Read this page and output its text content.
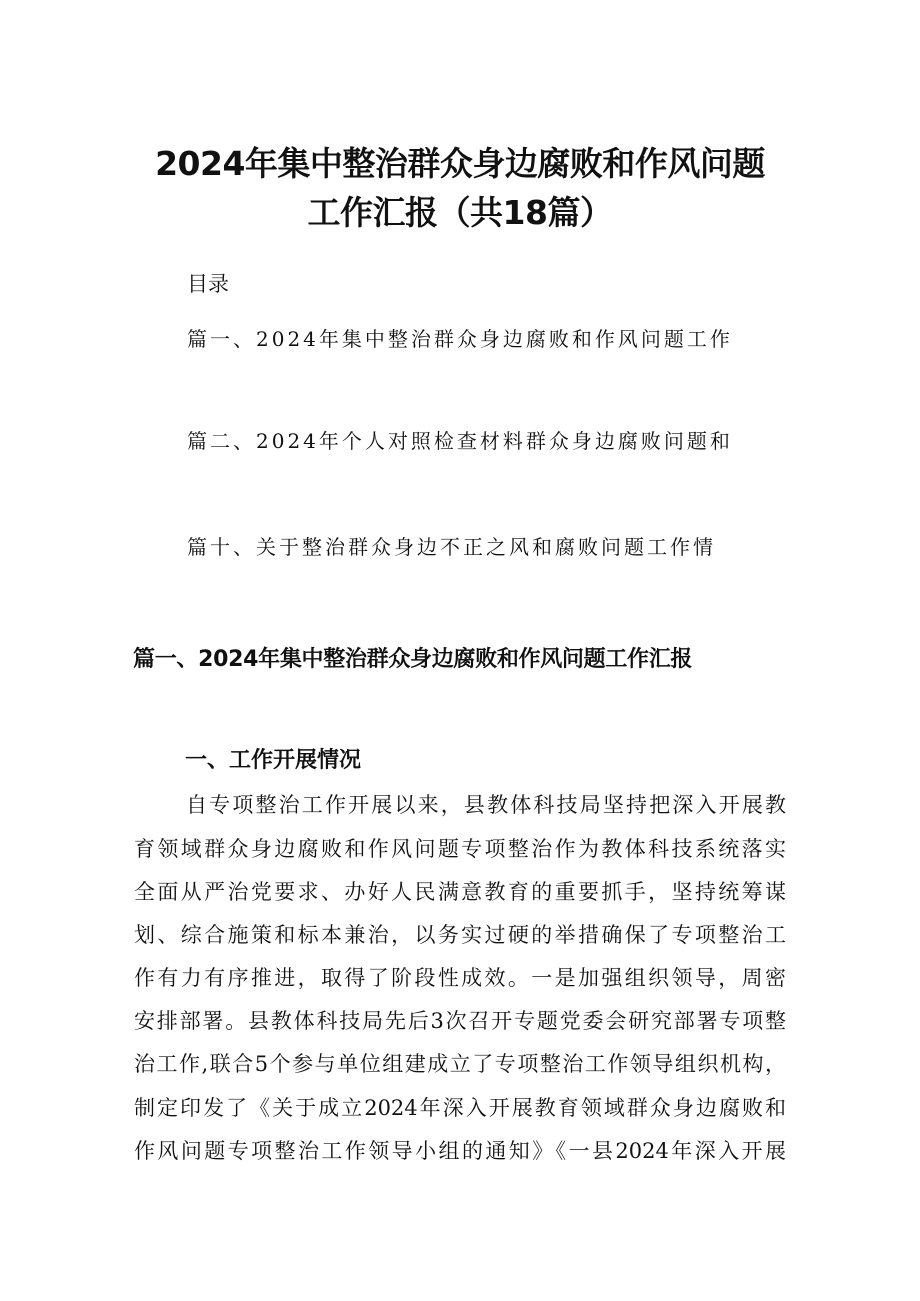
2024年集中整治群众身边腐败和作风问题
工作汇报（共18篇）

目录

篇一、2024年集中整治群众身边腐败和作风问题工作

篇二、2024年个人对照检查材料群众身边腐败问题和

篇十、关于整治群众身边不正之风和腐败问题工作情

篇一、2024年集中整治群众身边腐败和作风问题工作汇报
一、工作开展情况

自专项整治工作开展以来，县教体科技局坚持把深入开展教

育领域群众身边腐败和作风问题专项整治作为教体科技系统落实

全面从严治党要求、办好人民满意教育的重要抓手，坚持统筹谋

划、综合施策和标本兼治，以务实过硬的举措确保了专项整治工

作有力有序推进，取得了阶段性成效。一是加强组织领导，周密

安排部署。县教体科技局先后3次召开专题党委会研究部署专项整

治工作,联合5个参与单位组建成立了专项整治工作领导组织机构，

制定印发了《关于成立2024年深入开展教育领域群众身边腐败和

作风问题专项整治工作领导小组的通知》《一县2024年深入开展
